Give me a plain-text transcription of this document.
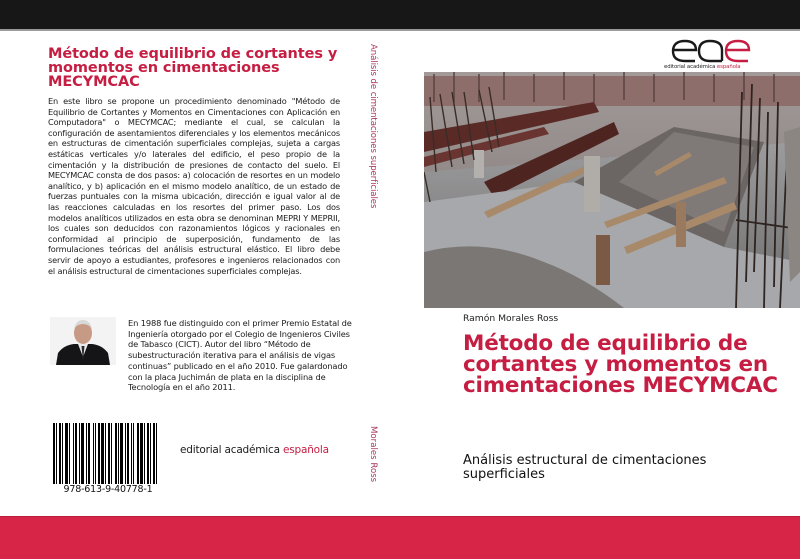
Método de equilibrio de cortantes y momentos en cimentaciones MECYMCAC
En este libro se propone un procedimiento denominado "Método de Equilibrio de Cortantes y Momentos en Cimentaciones con Aplicación en Computadora" o MECYMCAC; mediante el cual, se calculan la configuración de asentamientos diferenciales y los elementos mecánicos en estructuras de cimentación superficiales complejas, sujeta a cargas estáticas verticales y/o laterales del edificio, el peso propio de la cimentación y la distribución de presiones de contacto del suelo. El MECYMCAC consta de dos pasos: a) colocación de resortes en un modelo analítico, y b) aplicación en el mismo modelo analítico, de un estado de fuerzas puntuales con la misma ubicación, dirección e igual valor al de las reacciones calculadas en los resortes del primer paso. Los dos modelos analíticos utilizados en esta obra se denominan MEPRI Y MEPRII, los cuales son deducidos con razonamientos lógicos y racionales en conformidad al principio de superposición, fundamento de las formulaciones teóricas del análisis estructural elástico. El libro debe servir de apoyo a estudiantes, profesores e ingenieros relacionados con el análisis estructural de cimentaciones superficiales complejas.
En 1988 fue distinguido con el primer Premio Estatal de Ingeniería otorgado por el Colegio de Ingenieros Civiles de Tabasco (CICT). Autor del libro “Método de subestructuración iterativa para el análisis de vigas continuas” publicado en el año 2010. Fue galardonado con la placa Juchimán de plata en la disciplina de Tecnología en el año 2011.
978-613-9-40778-1
editorial académica española
Análisis de cimentaciones superficiales
Morales Ross
editorial académica española
Ramón Morales Ross
Método de equilibrio de cortantes y momentos en cimentaciones MECYMCAC
Análisis estructural de cimentaciones superficiales
